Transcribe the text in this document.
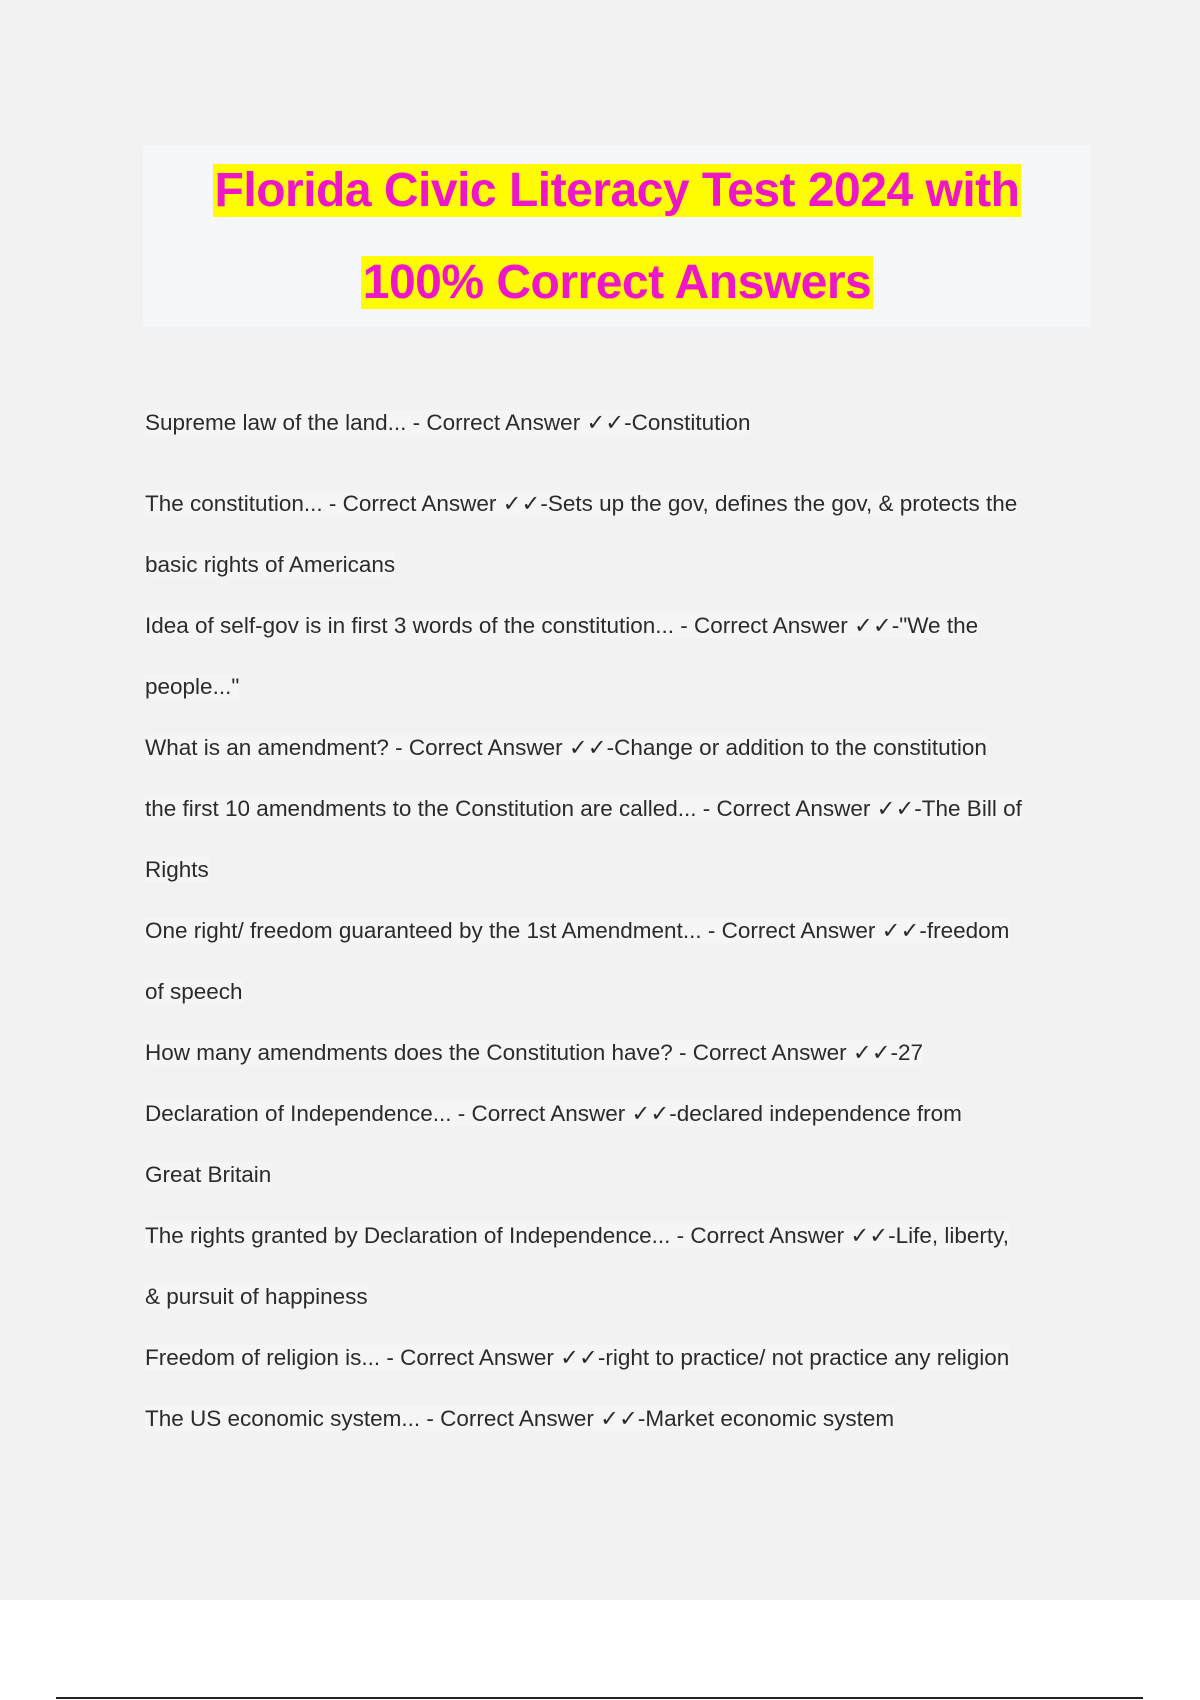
Florida Civic Literacy Test 2024 with
100% Correct Answers
Supreme law of the land... - Correct Answer ✓✓-Constitution
The constitution... - Correct Answer ✓✓-Sets up the gov, defines the gov, & protects the
basic rights of Americans
Idea of self-gov is in first 3 words of the constitution... - Correct Answer ✓✓-"We the
people..."
What is an amendment? - Correct Answer ✓✓-Change or addition to the constitution
the first 10 amendments to the Constitution are called... - Correct Answer ✓✓-The Bill of
Rights
One right/ freedom guaranteed by the 1st Amendment... - Correct Answer ✓✓-freedom
of speech
How many amendments does the Constitution have? - Correct Answer ✓✓-27
Declaration of Independence... - Correct Answer ✓✓-declared independence from
Great Britain
The rights granted by Declaration of Independence... - Correct Answer ✓✓-Life, liberty,
& pursuit of happiness
Freedom of religion is... - Correct Answer ✓✓-right to practice/ not practice any religion
The US economic system... - Correct Answer ✓✓-Market economic system
